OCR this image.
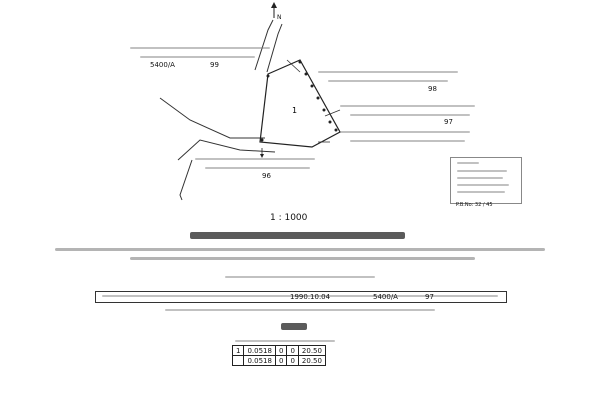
1
P.B.No: 32 / 45
1 : 1000
1	0.0518	0	0	20.50
	0.0518	0	0	20.50
5400/A	99
98
97
96
N
1990.10.04	5400/A	97
